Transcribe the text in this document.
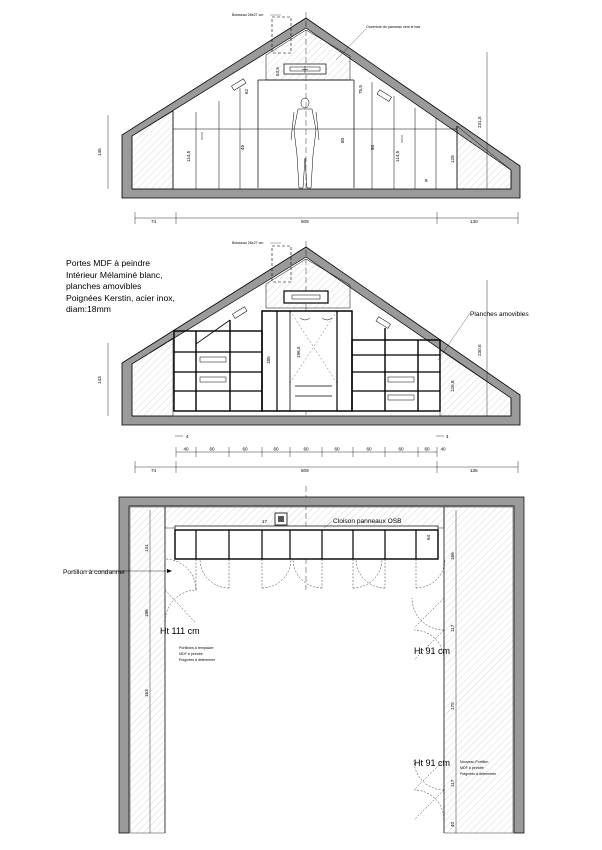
Boisseau 26x27 cm
Ouverture du panneau vers le bas
145
231,5
128
62
45
114,5
80
80
114,5
75,5
53,5
8
74	509	130
Boisseau 26x27 cm
Planches amovibles
143
230,5
126,8
185
196,5
4	4
40	60	60	60	60	60	60	60	60 40
74	509	135
141
186
163
166
117
175
117
40
64
17	Cloison panneaux OSB
Ht 111 cm
Ht 91 cm
Ht 91 cm
Portillons à remplacer
MDF à peindre
Poignées à déterminer
Nouveau Portillon
MDF à peindre
Poignées à déterminer
Portillon à condanner
Portes MDF à peindre
Intérieur Mélaminé blanc,
planches amovibles
Poignées Kerstin, acier inox,
diam:18mm
